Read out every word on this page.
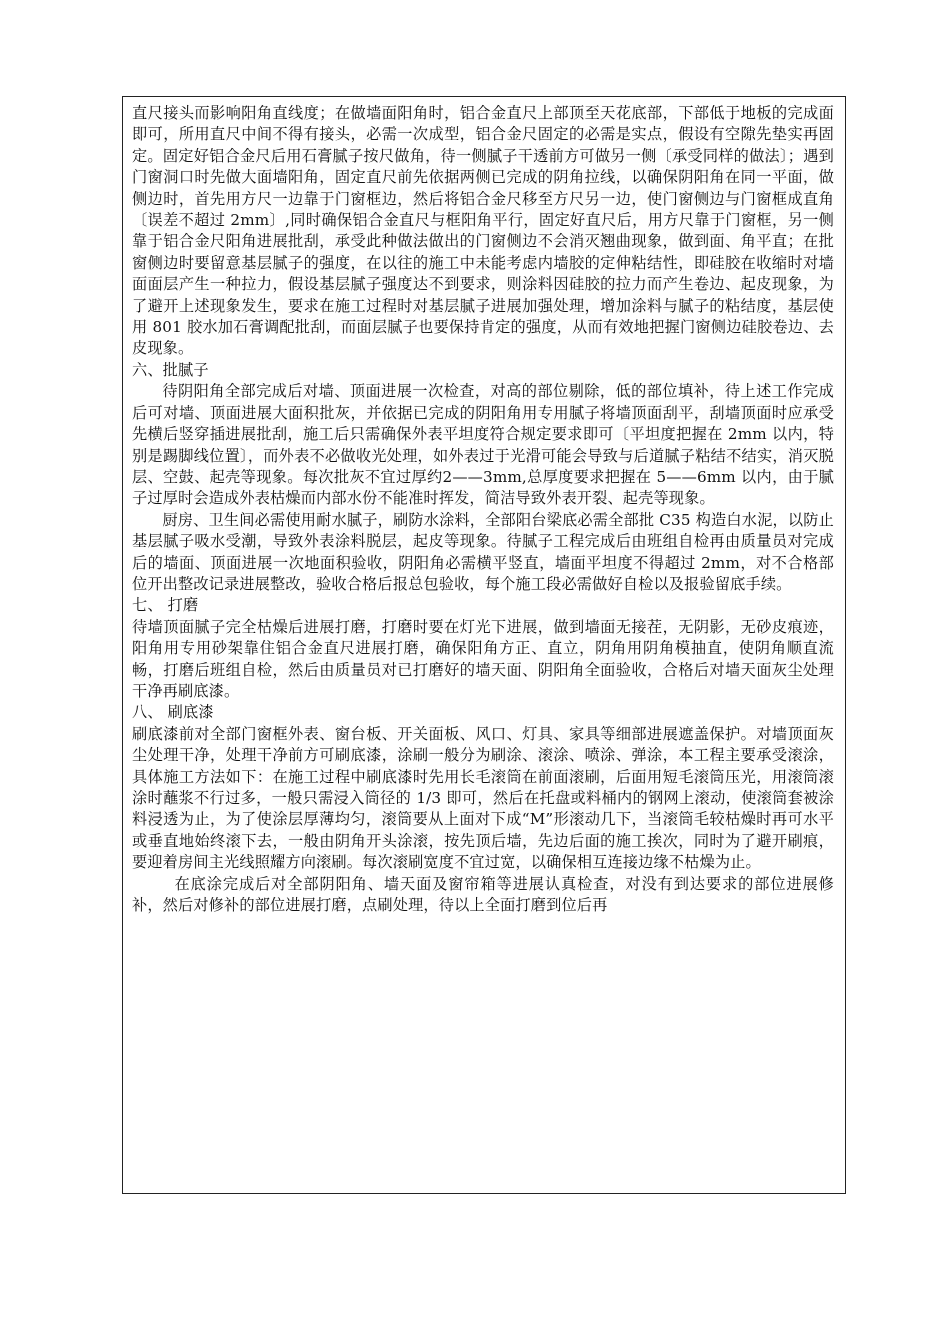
直尺接头而影响阳角直线度；在做墙面阳角时，铝合金直尺上部顶至天花底部，下部低于地板的完成面即可，所用直尺中间不得有接头，必需一次成型，铝合金尺固定的必需是实点，假设有空隙先垫实再固定。固定好铝合金尺后用石膏腻子按尺做角，待一侧腻子干透前方可做另一侧〔承受同样的做法〕；遇到门窗洞口时先做大面墙阳角，固定直尺前先依据两侧已完成的阴角拉线，以确保阴阳角在同一平面，做侧边时，首先用方尺一边靠于门窗框边，然后将铝合金尺移至方尺另一边，使门窗侧边与门窗框成直角〔误差不超过 2mm〕,同时确保铝合金直尺与框阳角平行，固定好直尺后，用方尺靠于门窗框，另一侧靠于铝合金尺阳角进展批刮，承受此种做法做出的门窗侧边不会消灭翘曲现象，做到面、角平直；在批窗侧边时要留意基层腻子的强度，在以往的施工中未能考虑内墙胶的定伸粘结性，即硅胶在收缩时对墙面面层产生一种拉力，假设基层腻子强度达不到要求，则涂料因硅胶的拉力而产生卷边、起皮现象，为了避开上述现象发生，要求在施工过程时对基层腻子进展加强处理，增加涂料与腻子的粘结度，基层使用 801 胶水加石膏调配批刮，而面层腻子也要保持肯定的强度，从而有效地把握门窗侧边硅胶卷边、去皮现象。

六、批腻子

待阴阳角全部完成后对墙、顶面进展一次检查，对高的部位剔除，低的部位填补，待上述工作完成后可对墙、顶面进展大面积批灰，并依据已完成的阴阳角用专用腻子将墙顶面刮平，刮墙顶面时应承受先横后竖穿插进展批刮，施工后只需确保外表平坦度符合规定要求即可〔平坦度把握在 2mm 以内，特别是踢脚线位置〕，而外表不必做收光处理，如外表过于光滑可能会导致与后道腻子粘结不结实，消灭脱层、空鼓、起壳等现象。每次批灰不宜过厚约2——3mm,总厚度要求把握在 5——6mm 以内，由于腻子过厚时会造成外表枯燥而内部水份不能准时挥发，简洁导致外表开裂、起壳等现象。

厨房、卫生间必需使用耐水腻子，刷防水涂料，全部阳台梁底必需全部批 C35 构造白水泥，以防止基层腻子吸水受潮，导致外表涂料脱层，起皮等现象。待腻子工程完成后由班组自检再由质量员对完成后的墙面、顶面进展一次地面积验收，阴阳角必需横平竖直，墙面平坦度不得超过 2mm，对不合格部位开出整改记录进展整改，验收合格后报总包验收，每个施工段必需做好自检以及报验留底手续。

七、 打磨

待墙顶面腻子完全枯燥后进展打磨，打磨时要在灯光下进展，做到墙面无接茬，无阴影，无砂皮痕迹，阳角用专用砂架靠住铝合金直尺进展打磨，确保阳角方正、直立，阴角用阴角模抽直，使阴角顺直流畅，打磨后班组自检，然后由质量员对已打磨好的墙天面、阴阳角全面验收，合格后对墙天面灰尘处理干净再刷底漆。

八、 刷底漆

刷底漆前对全部门窗框外表、窗台板、开关面板、风口、灯具、家具等细部进展遮盖保护。对墙顶面灰尘处理干净，处理干净前方可刷底漆，涂刷一般分为刷涂、滚涂、喷涂、弹涂，本工程主要承受滚涂，具体施工方法如下：在施工过程中刷底漆时先用长毛滚筒在前面滚刷，后面用短毛滚筒压光，用滚筒滚涂时蘸浆不行过多，一般只需浸入筒径的 1/3 即可，然后在托盘或料桶内的钢网上滚动，使滚筒套被涂料浸透为止，为了使涂层厚薄均匀，滚筒要从上面对下成“M”形滚动几下，当滚筒毛较枯燥时再可水平或垂直地始终滚下去，一般由阴角开头涂滚，按先顶后墙，先边后面的施工挨次，同时为了避开刷痕，要迎着房间主光线照耀方向滚刷。每次滚刷宽度不宜过宽，以确保相互连接边缘不枯燥为止。

在底涂完成后对全部阴阳角、墙天面及窗帘箱等进展认真检查，对没有到达要求的部位进展修补，然后对修补的部位进展打磨，点刷处理，待以上全面打磨到位后再
